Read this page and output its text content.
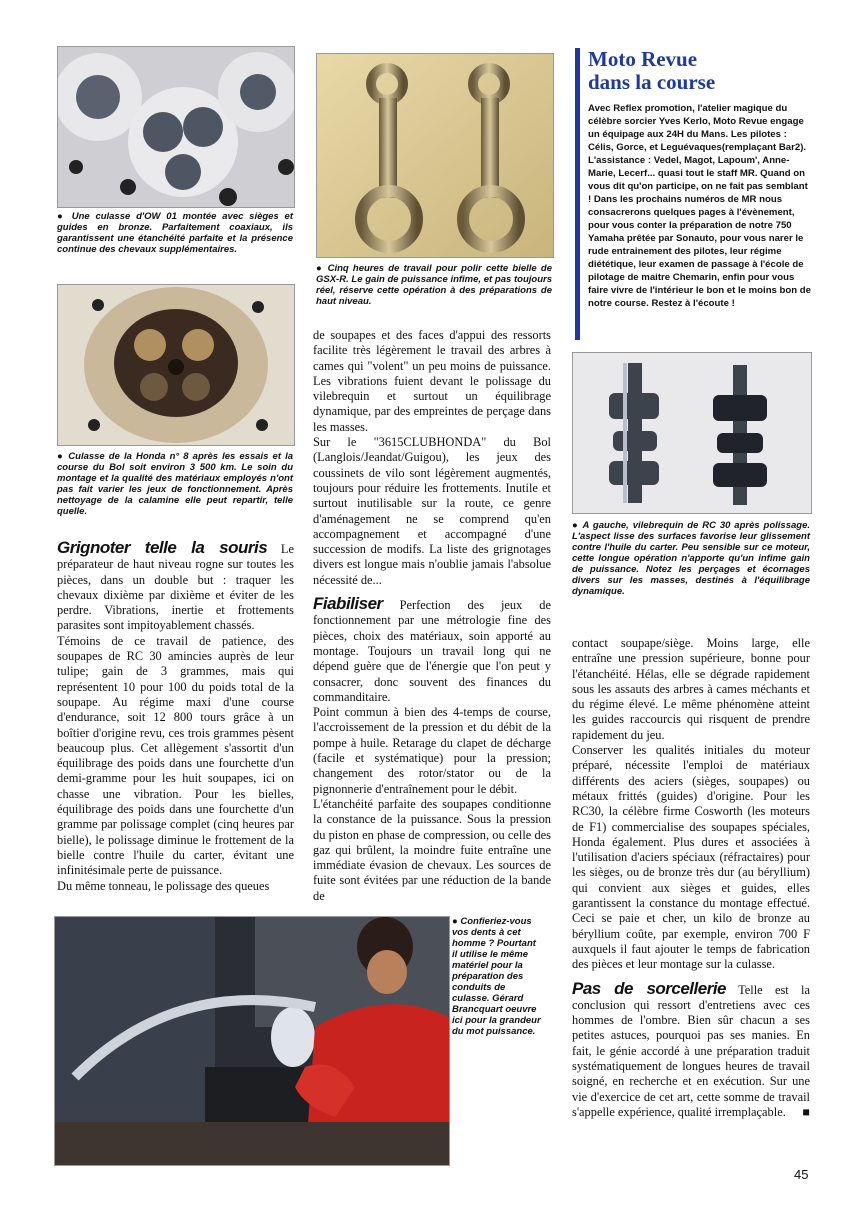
● Une culasse d'OW 01 montée avec sièges et guides en bronze. Parfaitement coaxiaux, ils garantissent une étanchéité parfaite et la présence continue des chevaux supplémentaires.
● Culasse de la Honda n° 8 après les essais et la course du Bol soit environ 3 500 km. Le soin du montage et la qualité des matériaux employés n'ont pas fait varier les jeux de fonctionnement. Après nettoyage de la calamine elle peut repartir, telle quelle.
● Cinq heures de travail pour polir cette bielle de GSX-R. Le gain de puissance infime, et pas toujours réel, réserve cette opération à des préparations de haut niveau.
Moto Revue
dans la course
Avec Reflex promotion, l'atelier magique du célèbre sorcier Yves Kerlo, Moto Revue engage un équipage aux 24H du Mans. Les pilotes : Célis, Gorce, et Leguévaques(remplaçant Bar2). L'assistance : Vedel, Magot, Lapoum', Anne-Marie, Lecerf... quasi tout le staff MR. Quand on vous dit qu'on participe, on ne fait pas semblant ! Dans les prochains numéros de MR nous consacrerons quelques pages à l'évènement, pour vous conter la préparation de notre 750 Yamaha prêtée par Sonauto, pour vous narer le rude entrainement des pilotes, leur régime diététique, leur examen de passage à l'école de pilotage de maitre Chemarin, enfin pour vous faire vivre de l'intérieur le bon et le moins bon de notre course. Restez à l'écoute !
● A gauche, vilebrequin de RC 30 après polissage. L'aspect lisse des surfaces favorise leur glissement contre l'huile du carter. Peu sensible sur ce moteur, cette longue opération n'apporte qu'un infime gain de puissance. Notez les perçages et écornages divers sur les masses, destinés à l'équilibrage dynamique.

Grignoter telle la souris Le préparateur de haut niveau rogne sur toutes les pièces, dans un double but : traquer les chevaux dixième par dixième et éviter de les perdre. Vibrations, inertie et frottements parasites sont impitoyablement chassés.

Témoins de ce travail de patience, des soupapes de RC 30 amincies auprès de leur tulipe; gain de 3 grammes, mais qui représentent 10 pour 100 du poids total de la soupape. Au régime maxi d'une course d'endurance, soit 12 800 tours grâce à un boîtier d'origine revu, ces trois grammes pèsent beaucoup plus. Cet allègement s'assortit d'un équilibrage des poids dans une fourchette d'un demi-gramme pour les huit soupapes, ici on chasse une vibration. Pour les bielles, équilibrage des poids dans une fourchette d'un gramme par polissage complet (cinq heures par bielle), le polissage diminue le frottement de la bielle contre l'huile du carter, évitant une infinitésimale perte de puissance.

Du même tonneau, le polissage des queues

de soupapes et des faces d'appui des ressorts facilite très légèrement le travail des arbres à cames qui "volent" un peu moins de puissance. Les vibrations fuient devant le polissage du vilebrequin et surtout un équilibrage dynamique, par des empreintes de perçage dans les masses.

Sur le "3615CLUBHONDA" du Bol (Langlois/Jeandat/Guigou), les jeux des coussinets de vilo sont légèrement augmentés, toujours pour réduire les frottements. Inutile et surtout inutilisable sur la route, ce genre d'aménagement ne se comprend qu'en accompagnement et accompagné d'une succession de modifs. La liste des grignotages divers est longue mais n'oublie jamais l'absolue nécessité de...

Fiabiliser Perfection des jeux de fonctionnement par une métrologie fine des pièces, choix des matériaux, soin apporté au montage. Toujours un travail long qui ne dépend guère que de l'énergie que l'on peut y consacrer, donc souvent des finances du commanditaire.

Point commun à bien des 4-temps de course, l'accroissement de la pression et du débit de la pompe à huile. Retarage du clapet de décharge (facile et systématique) pour la pression; changement des rotor/stator ou de la pignonnerie d'entraînement pour le débit.

L'étanchéité parfaite des soupapes conditionne la constance de la puissance. Sous la pression du piston en phase de compression, ou celle des gaz qui brûlent, la moindre fuite entraîne une immédiate évasion de chevaux. Les sources de fuite sont évitées par une réduction de la bande de

contact soupape/siège. Moins large, elle entraîne une pression supérieure, bonne pour l'étanchéité. Hélas, elle se dégrade rapidement sous les assauts des arbres à cames méchants et du régime élevé. Le même phénomène atteint les guides raccourcis qui risquent de prendre rapidement du jeu.

Conserver les qualités initiales du moteur préparé, nécessite l'emploi de matériaux différents des aciers (sièges, soupapes) ou métaux frittés (guides) d'origine. Pour les RC30, la célèbre firme Cosworth (les moteurs de F1) commercialise des soupapes spéciales, Honda également. Plus dures et associées à l'utilisation d'aciers spéciaux (réfractaires) pour les sièges, ou de bronze très dur (au béryllium) qui convient aux sièges et guides, elles garantissent la constance du montage effectué. Ceci se paie et cher, un kilo de bronze au béryllium coûte, par exemple, environ 700 F auxquels il faut ajouter le temps de fabrication des pièces et leur montage sur la culasse.

Pas de sorcellerie Telle est la conclusion qui ressort d'entretiens avec ces hommes de l'ombre. Bien sûr chacun a ses petites astuces, pourquoi pas ses manies. En fait, le génie accordé à une préparation traduit systématiquement de longues heures de travail soigné, en recherche et en exécution. Sur une vie d'exercice de cet art, cette somme de travail s'appelle expérience, qualité irremplaçable. ■

● Confieriez-vous vos dents à cet homme ? Pourtant il utilise le même matériel pour la préparation des conduits de culasse. Gérard Brancquart oeuvre ici pour la grandeur du mot puissance.
45
